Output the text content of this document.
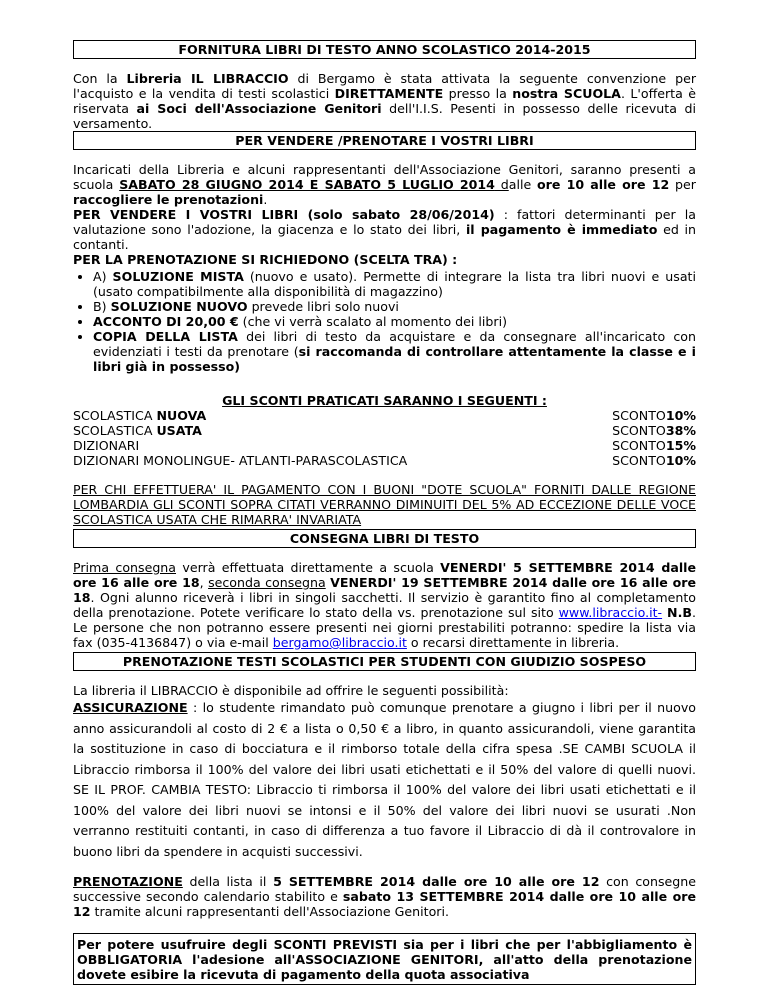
FORNITURA LIBRI DI TESTO ANNO SCOLASTICO 2014-2015

Con la Libreria IL LIBRACCIO di Bergamo è stata attivata la seguente convenzione per l'acquisto e la vendita di testi scolastici DIRETTAMENTE presso la nostra SCUOLA. L'offerta è riservata ai Soci dell'Associazione Genitori dell'I.I.S. Pesenti in possesso delle ricevuta di versamento.

PER VENDERE /PRENOTARE I VOSTRI LIBRI

Incaricati della Libreria e alcuni rappresentanti dell'Associazione Genitori, saranno presenti a scuola SABATO 28 GIUGNO 2014 E SABATO 5 LUGLIO 2014 dalle ore 10 alle ore 12 per raccogliere le prenotazioni.
PER VENDERE I VOSTRI LIBRI (solo sabato 28/06/2014) : fattori determinanti per la valutazione sono l'adozione, la giacenza e lo stato dei libri, il pagamento è immediato ed in contanti.
PER LA PRENOTAZIONE SI RICHIEDONO (SCELTA TRA) :

• A) SOLUZIONE MISTA (nuovo e usato). Permette di integrare la lista tra libri nuovi e usati (usato compatibilmente alla disponibilità di magazzino)
• B) SOLUZIONE NUOVO prevede libri solo nuovi
• ACCONTO DI 20,00 € (che vi verrà scalato al momento dei libri)
• COPIA DELLA LISTA dei libri di testo da acquistare e da consegnare all'incaricato con evidenziati i testi da prenotare (si raccomanda di controllare attentamente la classe e i libri già in possesso)
GLI SCONTI PRATICATI SARANNO I SEGUENTI :
SCOLASTICA NUOVA	SCONTO	10%
SCOLASTICA USATA	SCONTO	38%
DIZIONARI	SCONTO	15%
DIZIONARI MONOLINGUE- ATLANTI-PARASCOLASTICA	SCONTO	10%

PER CHI EFFETTUERA' IL PAGAMENTO CON I BUONI "DOTE SCUOLA" FORNITI DALLE REGIONE LOMBARDIA GLI SCONTI SOPRA CITATI VERRANNO DIMINUITI DEL 5% AD ECCEZIONE DELLE VOCE SCOLASTICA USATA CHE RIMARRA' INVARIATA

CONSEGNA LIBRI DI TESTO

Prima consegna verrà effettuata direttamente a scuola VENERDI' 5 SETTEMBRE 2014 dalle ore 16 alle ore 18, seconda consegna VENERDI' 19 SETTEMBRE 2014 dalle ore 16 alle ore 18. Ogni alunno riceverà i libri in singoli sacchetti. Il servizio è garantito fino al completamento della prenotazione. Potete verificare lo stato della vs. prenotazione sul sito www.libraccio.it- N.B. Le persone che non potranno essere presenti nei giorni prestabiliti potranno: spedire la lista via fax (035-4136847) o via e-mail bergamo@libraccio.it o recarsi direttamente in libreria.

PRENOTAZIONE TESTI SCOLASTICI PER STUDENTI CON GIUDIZIO SOSPESO

La libreria il LIBRACCIO è disponibile ad offrire le seguenti possibilità:

ASSICURAZIONE : lo studente rimandato può comunque prenotare a giugno i libri per il nuovo anno assicurandoli al costo di 2 € a lista o 0,50 € a libro, in quanto assicurandoli, viene garantita la sostituzione in caso di bocciatura e il rimborso totale della cifra spesa .SE CAMBI SCUOLA il Libraccio rimborsa il 100% del valore dei libri usati etichettati e il 50% del valore di quelli nuovi. SE IL PROF. CAMBIA TESTO: Libraccio ti rimborsa il 100% del valore dei libri usati etichettati e il 100% del valore dei libri nuovi se intonsi e il 50% del valore dei libri nuovi se usurati .Non verranno restituiti contanti, in caso di differenza a tuo favore il Libraccio di dà il controvalore in buono libri da spendere in acquisti successivi.

PRENOTAZIONE della lista il 5 SETTEMBRE 2014 dalle ore 10 alle ore 12 con consegne successive secondo calendario stabilito e sabato 13 SETTEMBRE 2014 dalle ore 10 alle ore 12 tramite alcuni rappresentanti dell'Associazione Genitori.

Per potere usufruire degli SCONTI PREVISTI sia per i libri che per l'abbigliamento è OBBLIGATORIA l'adesione all'ASSOCIAZIONE GENITORI, all'atto della prenotazione dovete esibire la ricevuta di pagamento della quota associativa
